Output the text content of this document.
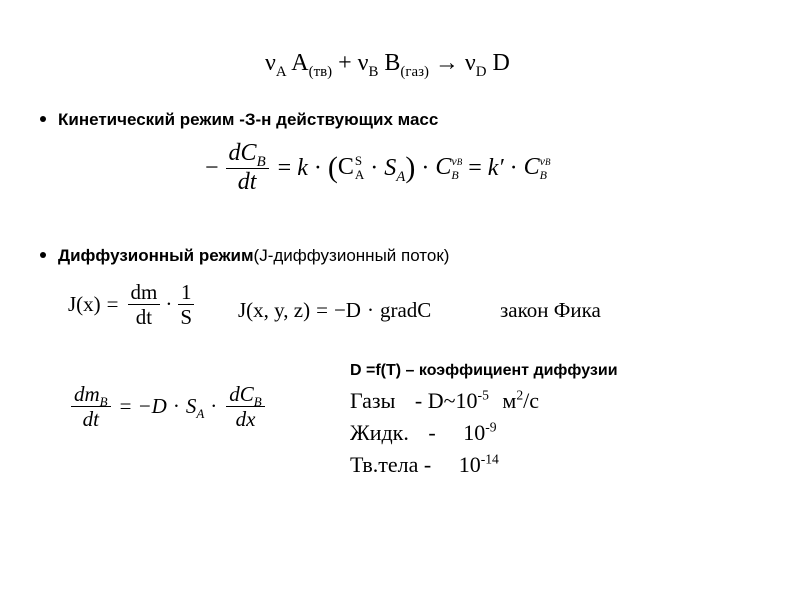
$\nu_A$ $A_{(тв)} + \nu_B$ $B_{(газ)} \to \nu_D$ D
Кинетический режим -З-н действующих масс
− $\frac{dC_B}{dt} = k$ · ( C S
$A \cdot S_A$ ) · C νB
B = k′ · C νB
B
Диффузионный режим(J-диффузионный поток)
$J(x) = \frac{dm}{dt} \cdot \frac{1}{S} J(x$, y, z) = −D · gradC	закон Фика
$\frac{dm_B}{dt} = -D \cdot S_A \cdot \frac{dC_B}{dx}$
D =f(T) – коэффициент диффузии
Газы - $D\sim 10^{-5}$ $м^2/с$
Жидк. - $10^{-9}$
Тв.тела - $10^{-14}$
